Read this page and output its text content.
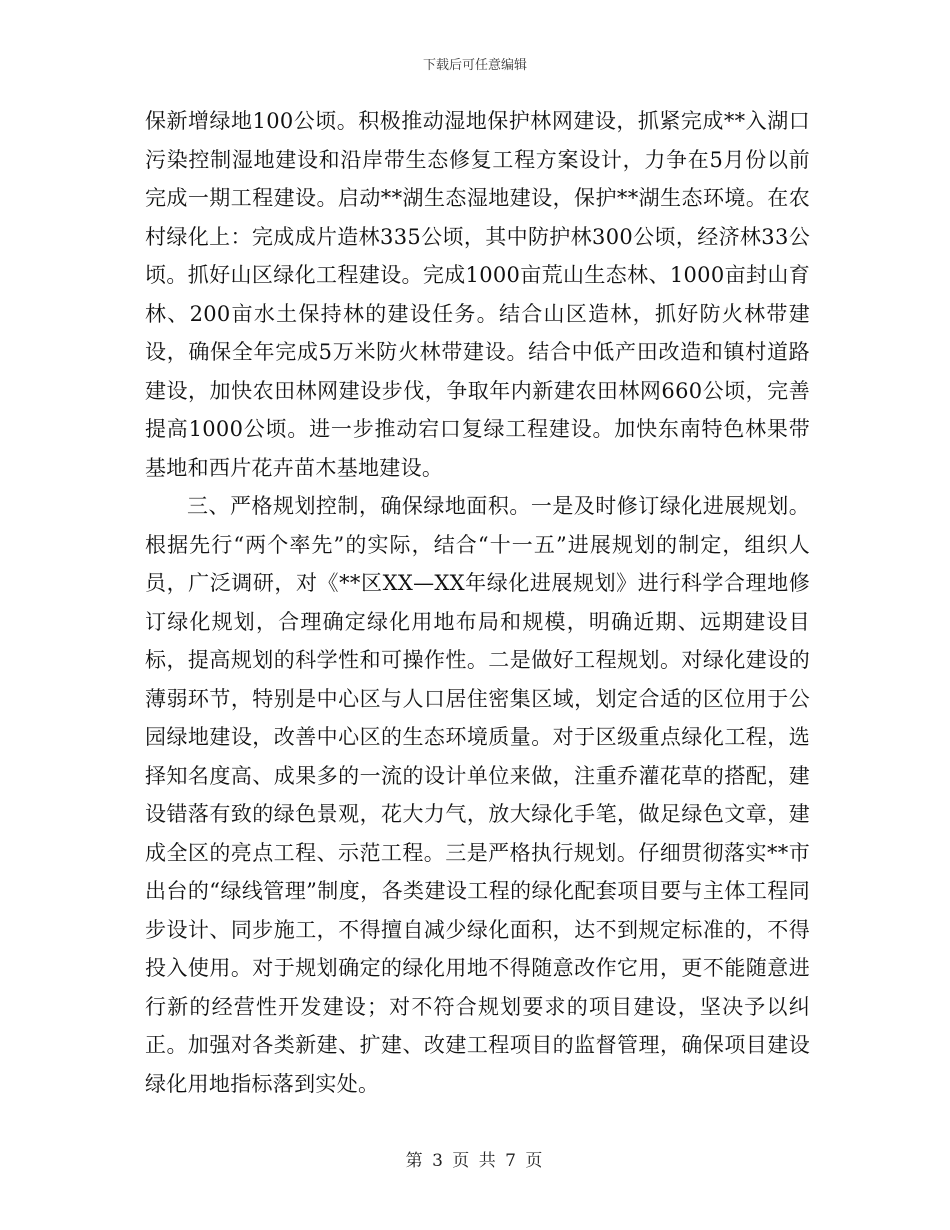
下载后可任意编辑

保新增绿地100公顷。积极推动湿地保护林网建设，抓紧完成**入湖口污染控制湿地建设和沿岸带生态修复工程方案设计，力争在5月份以前完成一期工程建设。启动**湖生态湿地建设，保护**湖生态环境。在农村绿化上：完成成片造林335公顷，其中防护林300公顷，经济林33公顷。抓好山区绿化工程建设。完成1000亩荒山生态林、1000亩封山育林、200亩水土保持林的建设任务。结合山区造林，抓好防火林带建设，确保全年完成5万米防火林带建设。结合中低产田改造和镇村道路建设，加快农田林网建设步伐，争取年内新建农田林网660公顷，完善提高1000公顷。进一步推动宕口复绿工程建设。加快东南特色林果带基地和西片花卉苗木基地建设。

三、严格规划控制，确保绿地面积。一是及时修订绿化进展规划。根据先行“两个率先”的实际，结合“十一五”进展规划的制定，组织人员，广泛调研，对《**区XX—XX年绿化进展规划》进行科学合理地修订绿化规划，合理确定绿化用地布局和规模，明确近期、远期建设目标，提高规划的科学性和可操作性。二是做好工程规划。对绿化建设的薄弱环节，特别是中心区与人口居住密集区域，划定合适的区位用于公园绿地建设，改善中心区的生态环境质量。对于区级重点绿化工程，选择知名度高、成果多的一流的设计单位来做，注重乔灌花草的搭配，建设错落有致的绿色景观，花大力气，放大绿化手笔，做足绿色文章，建成全区的亮点工程、示范工程。三是严格执行规划。仔细贯彻落实**市出台的“绿线管理”制度，各类建设工程的绿化配套项目要与主体工程同步设计、同步施工，不得擅自减少绿化面积，达不到规定标准的，不得投入使用。对于规划确定的绿化用地不得随意改作它用，更不能随意进行新的经营性开发建设；对不符合规划要求的项目建设，坚决予以纠正。加强对各类新建、扩建、改建工程项目的监督管理，确保项目建设绿化用地指标落到实处。

第 3 页 共 7 页
